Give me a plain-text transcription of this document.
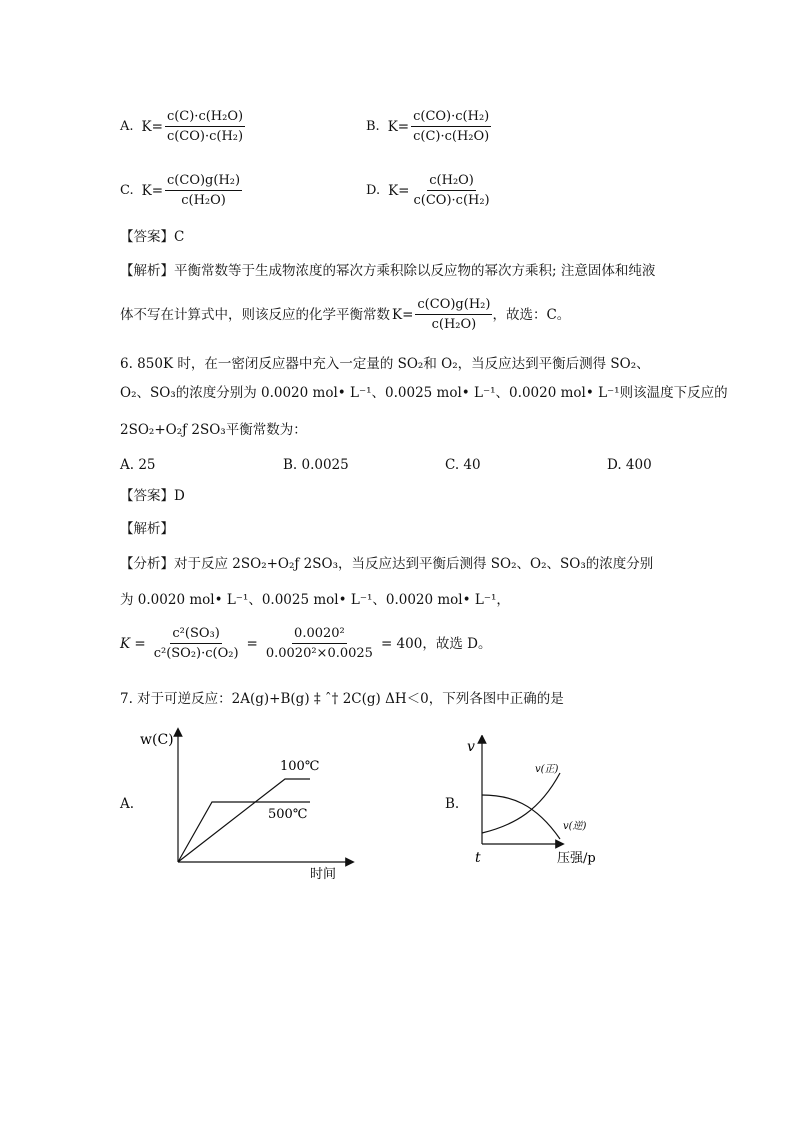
A. $K= \frac{\text{c(C)·c(H₂O)}}{\text{c(CO)·c(H₂)}}$	B. $K= \frac{\text{c(CO)·c(H₂)}}{\text{c(C)·c(H₂O)}}$
C. $K= \frac{\text{c(CO)g(H₂)}}{\text{c(H₂O)}}$	D. $K= \frac{\text{c(H₂O)}}{\text{c(CO)·c(H₂)}}$
【答案】C
【解析】平衡常数等于生成物浓度的幂次方乘积除以反应物的幂次方乘积; 注意固体和纯液
体不写在计算式中，则该反应的化学平衡常数 $K= \frac{\text{c(CO)g(H₂)}}{\text{c(H₂O)}}$ ，故选：C。
6. 850K 时，在一密闭反应器中充入一定量的 SO₂和 O₂，当反应达到平衡后测得 SO₂、
O₂、SO₃的浓度分别为 0.0020 mol• L⁻¹、0.0025 mol• L⁻¹、0.0020 mol• L⁻¹则该温度下反应的
2SO₂+O₂ƒ 2SO₃平衡常数为：
A. 25	B. 0.0025	C. 40	D. 400
【答案】D
【解析】
【分析】对于反应 2SO₂+O₂ƒ 2SO₃，当反应达到平衡后测得 SO₂、O₂、SO₃的浓度分别
为 0.0020 mol• L⁻¹、0.0025 mol• L⁻¹、0.0020 mol• L⁻¹，
$K = \frac{\text{c²(SO₃)}}{\text{c²(SO₂)·c(O₂)}} = \frac{\text{0.0020²}}{\text{0.0020²×0.0025}} = 400$，故选 D。
7. 对于可逆反应：2A(g)+B(g) ‡ ˆ† 2C(g) ΔH＜0，下列各图中正确的是
A.
w(C)
100℃
500℃
时间
B.
v
v(正)
v(逆)
t	压强/p
